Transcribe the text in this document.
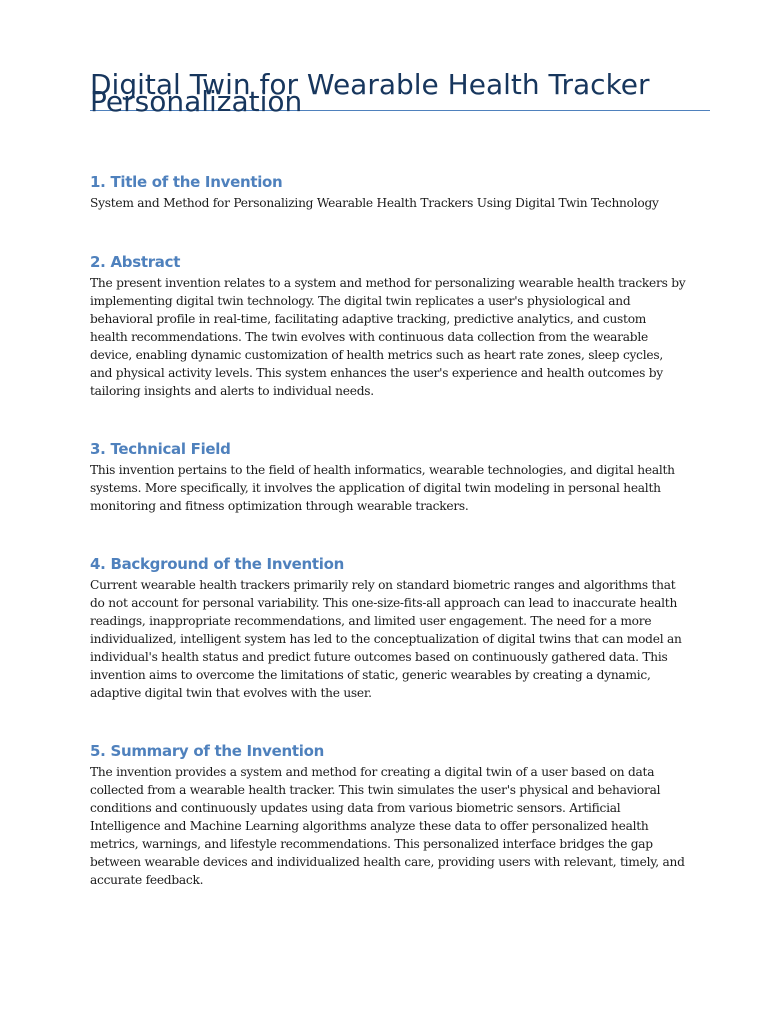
Digital Twin for Wearable Health Tracker Personalization
1. Title of the Invention

System and Method for Personalizing Wearable Health Trackers Using Digital Twin Technology

2. Abstract

The present invention relates to a system and method for personalizing wearable health trackers by implementing digital twin technology. The digital twin replicates a user's physiological and behavioral profile in real-time, facilitating adaptive tracking, predictive analytics, and custom health recommendations. The twin evolves with continuous data collection from the wearable device, enabling dynamic customization of health metrics such as heart rate zones, sleep cycles, and physical activity levels. This system enhances the user's experience and health outcomes by tailoring insights and alerts to individual needs.

3. Technical Field

This invention pertains to the field of health informatics, wearable technologies, and digital health systems. More specifically, it involves the application of digital twin modeling in personal health monitoring and fitness optimization through wearable trackers.

4. Background of the Invention

Current wearable health trackers primarily rely on standard biometric ranges and algorithms that do not account for personal variability. This one-size-fits-all approach can lead to inaccurate health readings, inappropriate recommendations, and limited user engagement. The need for a more individualized, intelligent system has led to the conceptualization of digital twins that can model an individual's health status and predict future outcomes based on continuously gathered data. This invention aims to overcome the limitations of static, generic wearables by creating a dynamic, adaptive digital twin that evolves with the user.

5. Summary of the Invention

The invention provides a system and method for creating a digital twin of a user based on data collected from a wearable health tracker. This twin simulates the user's physical and behavioral conditions and continuously updates using data from various biometric sensors. Artificial Intelligence and Machine Learning algorithms analyze these data to offer personalized health metrics, warnings, and lifestyle recommendations. This personalized interface bridges the gap between wearable devices and individualized health care, providing users with relevant, timely, and accurate feedback.
